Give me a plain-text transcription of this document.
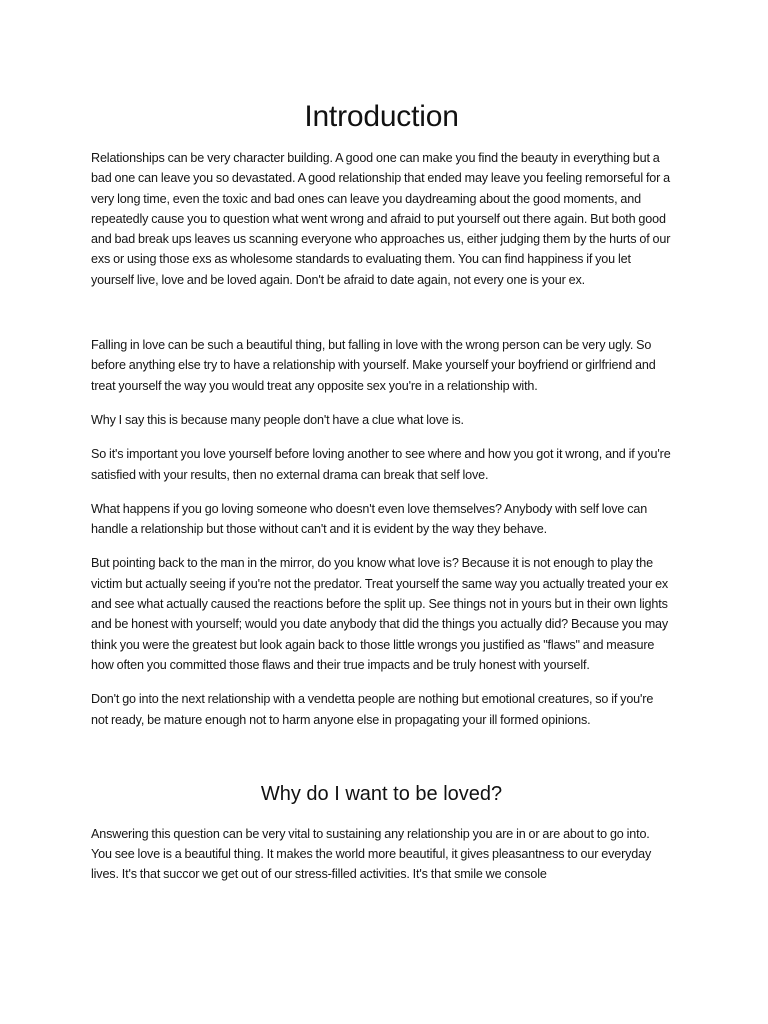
Introduction

Relationships can be very character building. A good one can make you find the beauty in everything but a bad one can leave you so devastated. A good relationship that ended may leave you feeling remorseful for a very long time, even the toxic and bad ones can leave you daydreaming about the good moments, and repeatedly cause you to question what went wrong and afraid to put yourself out there again. But both good and bad break ups leaves us scanning everyone who approaches us, either judging them by the hurts of our exs or using those exs as wholesome standards to evaluating them. You can find happiness if you let yourself live, love and be loved again. Don't be afraid to date again, not every one is your ex.

Falling in love can be such a beautiful thing, but falling in love with the wrong person can be very ugly. So before anything else try to have a relationship with yourself. Make yourself your boyfriend or girlfriend and treat yourself the way you would treat any opposite sex you're in a relationship with.

Why I say this is because many people don't have a clue what love is.

So it's important you love yourself before loving another to see where and how you got it wrong, and if you're satisfied with your results, then no external drama can break that self love.

What happens if you go loving someone who doesn't even love themselves? Anybody with self love can handle a relationship but those without can't and it is evident by the way they behave.

But pointing back to the man in the mirror, do you know what love is? Because it is not enough to play the victim but actually seeing if you're not the predator. Treat yourself the same way you actually treated your ex and see what actually caused the reactions before the split up. See things not in yours but in their own lights and be honest with yourself; would you date anybody that did the things you actually did? Because you may think you were the greatest but look again back to those little wrongs you justified as "flaws" and measure how often you committed those flaws and their true impacts and be truly honest with yourself.

Don't go into the next relationship with a vendetta people are nothing but emotional creatures, so if you're not ready, be mature enough not to harm anyone else in propagating your ill formed opinions.

Why do I want to be loved?

Answering this question can be very vital to sustaining any relationship you are in or are about to go into. You see love is a beautiful thing. It makes the world more beautiful, it gives pleasantness to our everyday lives. It's that succor we get out of our stress-filled activities. It's that smile we console
